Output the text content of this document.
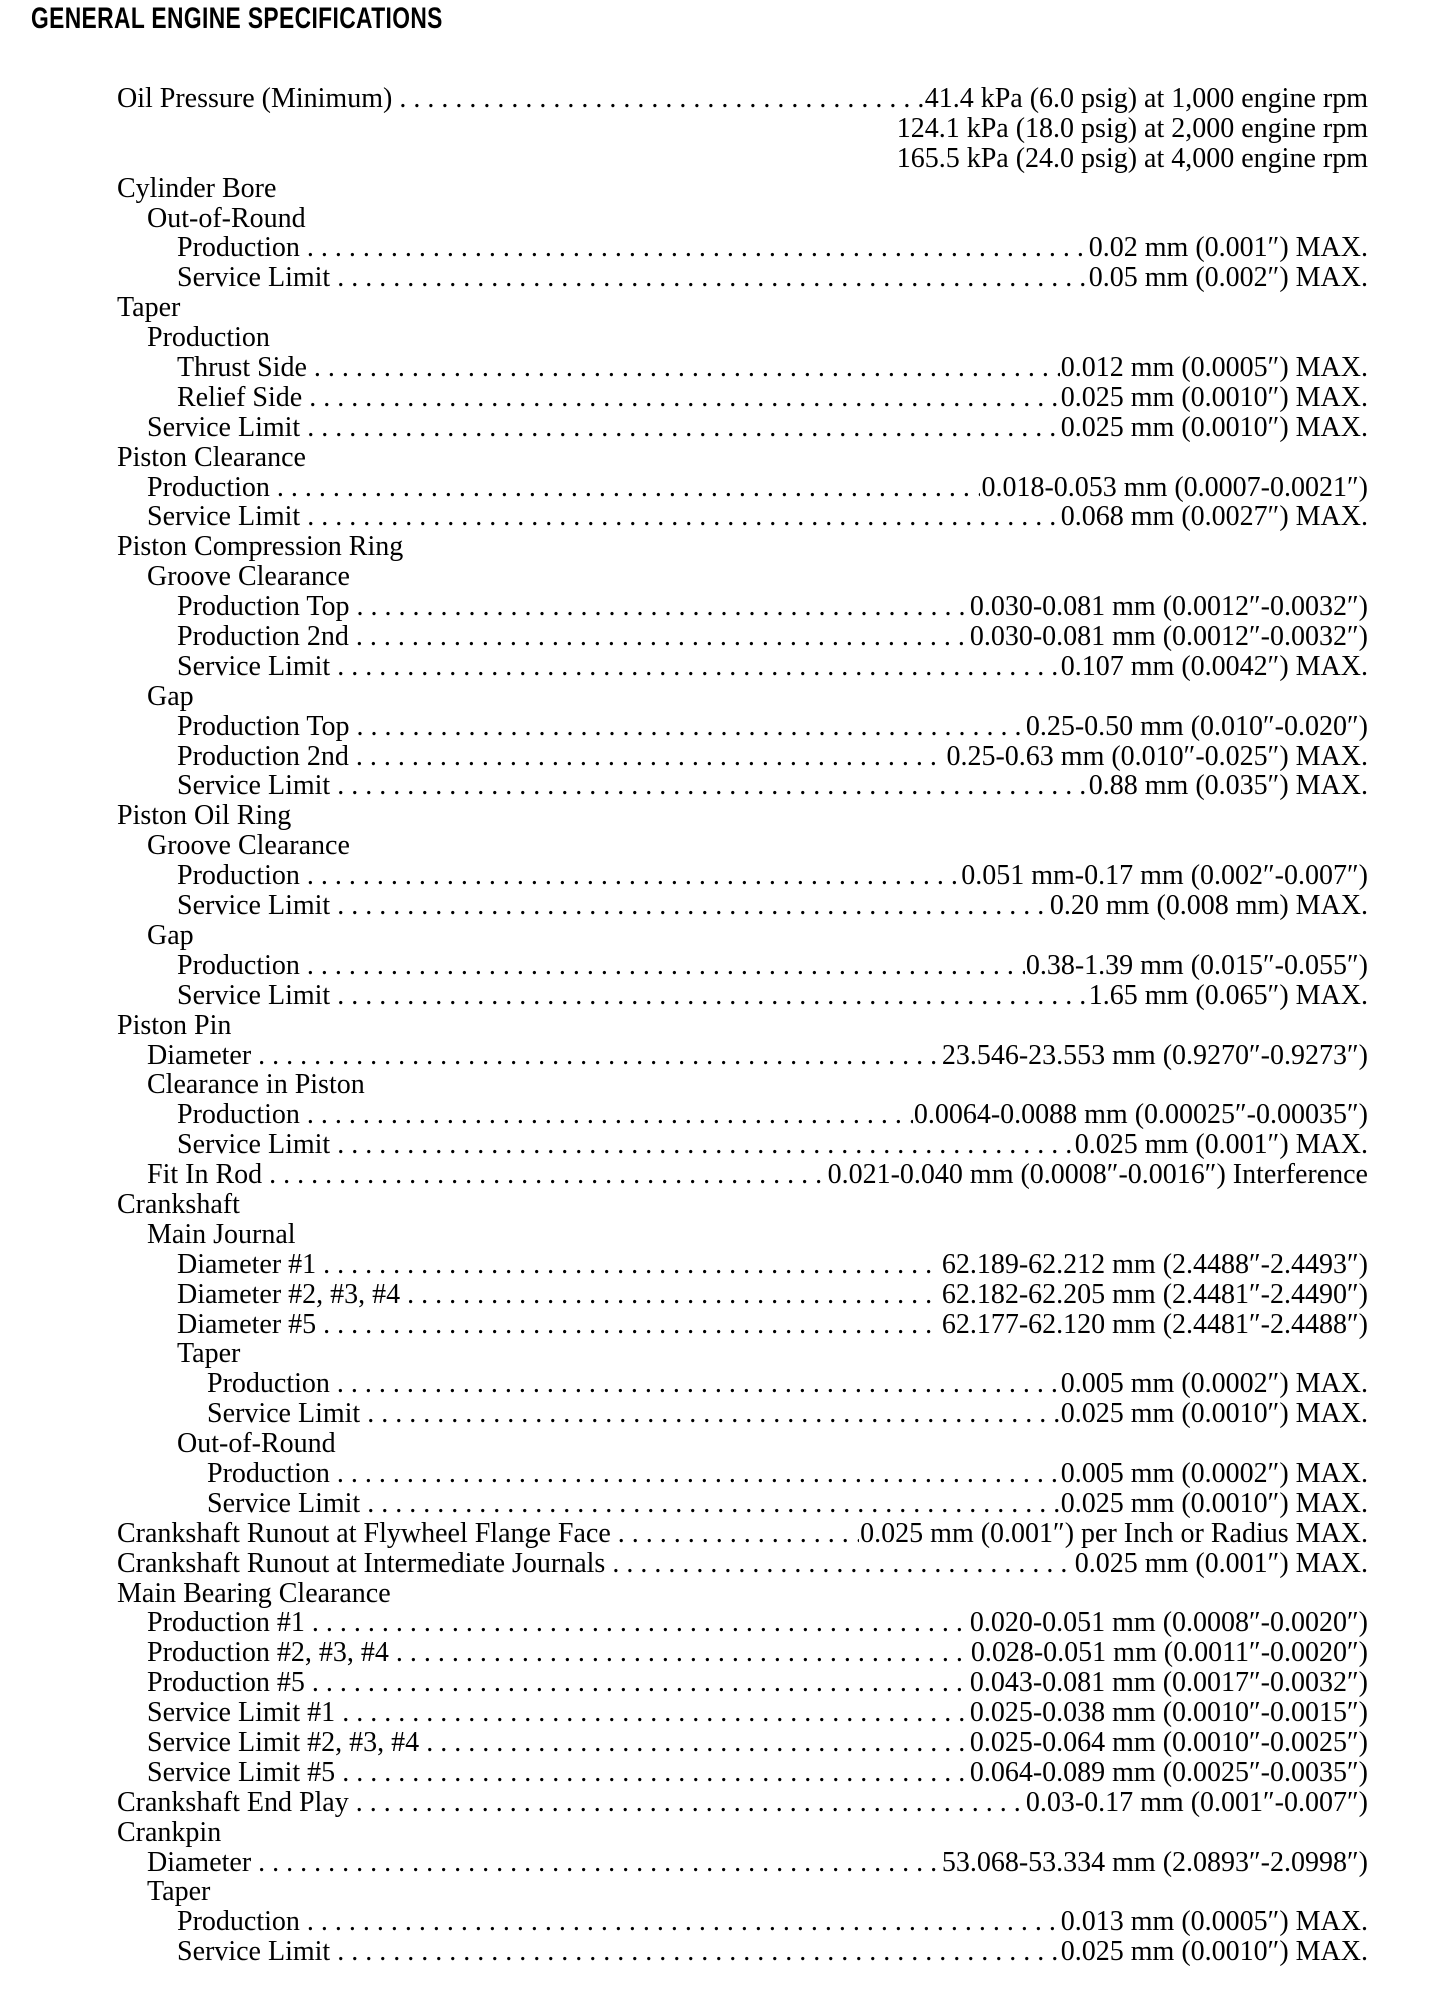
GENERAL ENGINE SPECIFICATIONS
Oil Pressure (Minimum) . . .	41.4 kPa (6.0 psig) at 1,000 engine rpm
124.1 kPa (18.0 psig) at 2,000 engine rpm
165.5 kPa (24.0 psig) at 4,000 engine rpm
Cylinder Bore
Out-of-Round
Production . . .	0.02 mm (0.001″) MAX.
Service Limit . . .	0.05 mm (0.002″) MAX.
Taper
Production
Thrust Side . . .	0.012 mm (0.0005″) MAX.
Relief Side . . .	0.025 mm (0.0010″) MAX.
Service Limit . . .	0.025 mm (0.0010″) MAX.
Piston Clearance
Production . . .	0.018-0.053 mm (0.0007-0.0021″)
Service Limit . . .	0.068 mm (0.0027″) MAX.
Piston Compression Ring
Groove Clearance
Production Top . . .	0.030-0.081 mm (0.0012″-0.0032″)
Production 2nd . . .	0.030-0.081 mm (0.0012″-0.0032″)
Service Limit . . .	0.107 mm (0.0042″) MAX.
Gap
Production Top . . .	0.25-0.50 mm (0.010″-0.020″)
Production 2nd . . .	0.25-0.63 mm (0.010″-0.025″) MAX.
Service Limit . . .	0.88 mm (0.035″) MAX.
Piston Oil Ring
Groove Clearance
Production . . .	0.051 mm-0.17 mm (0.002″-0.007″)
Service Limit . . .	0.20 mm (0.008 mm) MAX.
Gap
Production . . .	0.38-1.39 mm (0.015″-0.055″)
Service Limit . . .	1.65 mm (0.065″) MAX.
Piston Pin
Diameter . . .	23.546-23.553 mm (0.9270″-0.9273″)
Clearance in Piston
Production . . .	0.0064-0.0088 mm (0.00025″-0.00035″)
Service Limit . . .	0.025 mm (0.001″) MAX.
Fit In Rod . . .	0.021-0.040 mm (0.0008″-0.0016″) Interference
Crankshaft
Main Journal
Diameter #1 . . .	62.189-62.212 mm (2.4488″-2.4493″)
Diameter #2, #3, #4 . . .	62.182-62.205 mm (2.4481″-2.4490″)
Diameter #5 . . .	62.177-62.120 mm (2.4481″-2.4488″)
Taper
Production . . .	0.005 mm (0.0002″) MAX.
Service Limit . . .	0.025 mm (0.0010″) MAX.
Out-of-Round
Production . . .	0.005 mm (0.0002″) MAX.
Service Limit . . .	0.025 mm (0.0010″) MAX.
Crankshaft Runout at Flywheel Flange Face . . .	0.025 mm (0.001″) per Inch or Radius MAX.
Crankshaft Runout at Intermediate Journals . . .	0.025 mm (0.001″) MAX.
Main Bearing Clearance
Production #1 . . .	0.020-0.051 mm (0.0008″-0.0020″)
Production #2, #3, #4 . . .	0.028-0.051 mm (0.0011″-0.0020″)
Production #5 . . .	0.043-0.081 mm (0.0017″-0.0032″)
Service Limit #1 . . .	0.025-0.038 mm (0.0010″-0.0015″)
Service Limit #2, #3, #4 . . .	0.025-0.064 mm (0.0010″-0.0025″)
Service Limit #5 . . .	0.064-0.089 mm (0.0025″-0.0035″)
Crankshaft End Play . . .	0.03-0.17 mm (0.001″-0.007″)
Crankpin
Diameter . . .	53.068-53.334 mm (2.0893″-2.0998″)
Taper
Production . . .	0.013 mm (0.0005″) MAX.
Service Limit . . .	0.025 mm (0.0010″) MAX.
